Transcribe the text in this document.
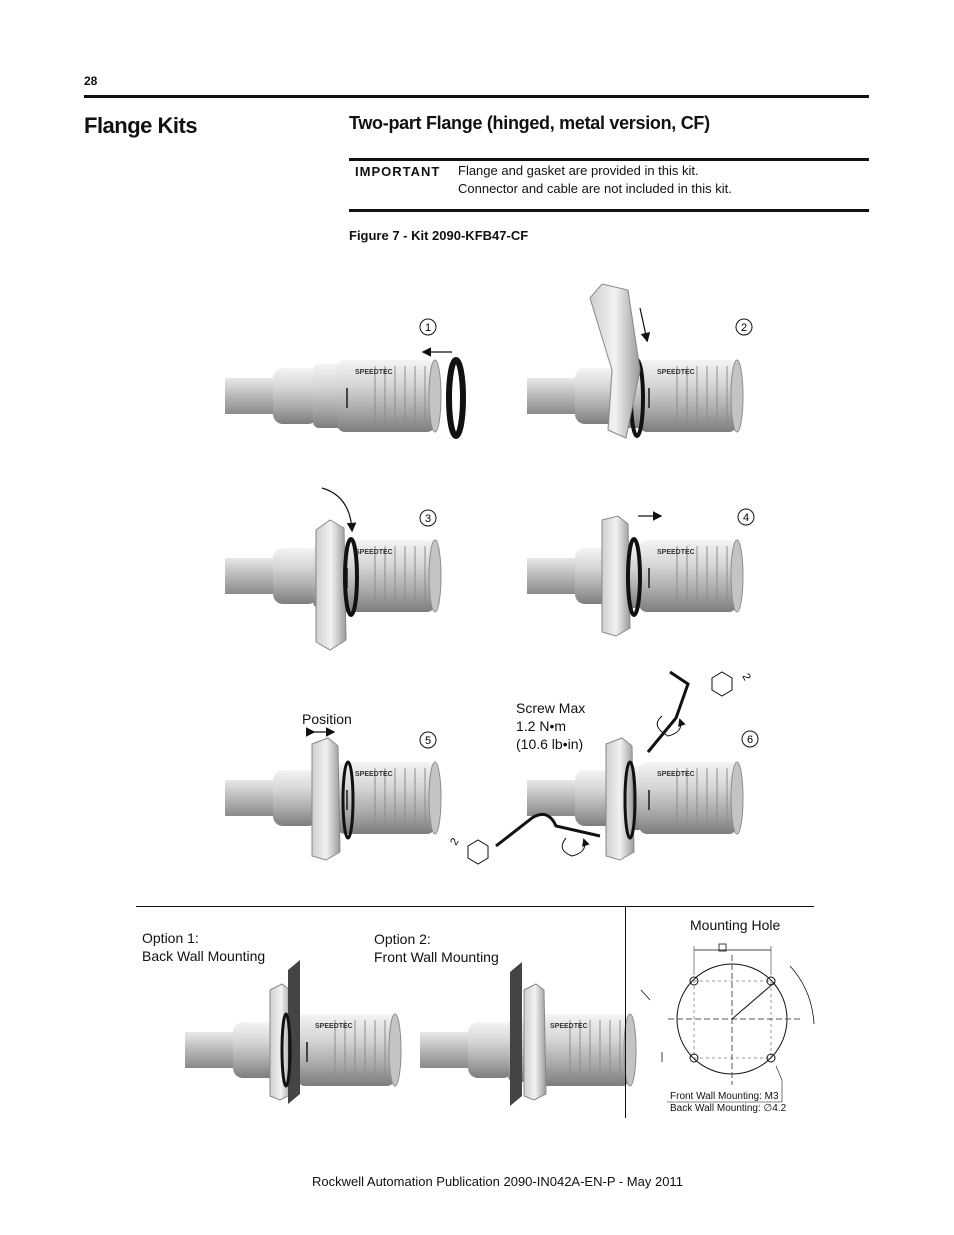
28
Flange Kits	Two-part Flange (hinged, metal version, CF)
IMPORTANT Flange and gasket are provided in this kit.
Connector and cable are not included in this kit.
Figure 7 - Kit 2090-KFB47-CF
SPEEDTEC
1	2
3	4
5	6
2
2
Position
Screw Max
1.2 N•m
(10.6 lb•in)
Option 1:
Back Wall Mounting
Option 2:
Front Wall Mounting
Mounting Hole
Front Wall Mounting: M3
Back Wall Mounting: ∅4.2
Rockwell Automation Publication 2090-IN042A-EN-P - May 2011
